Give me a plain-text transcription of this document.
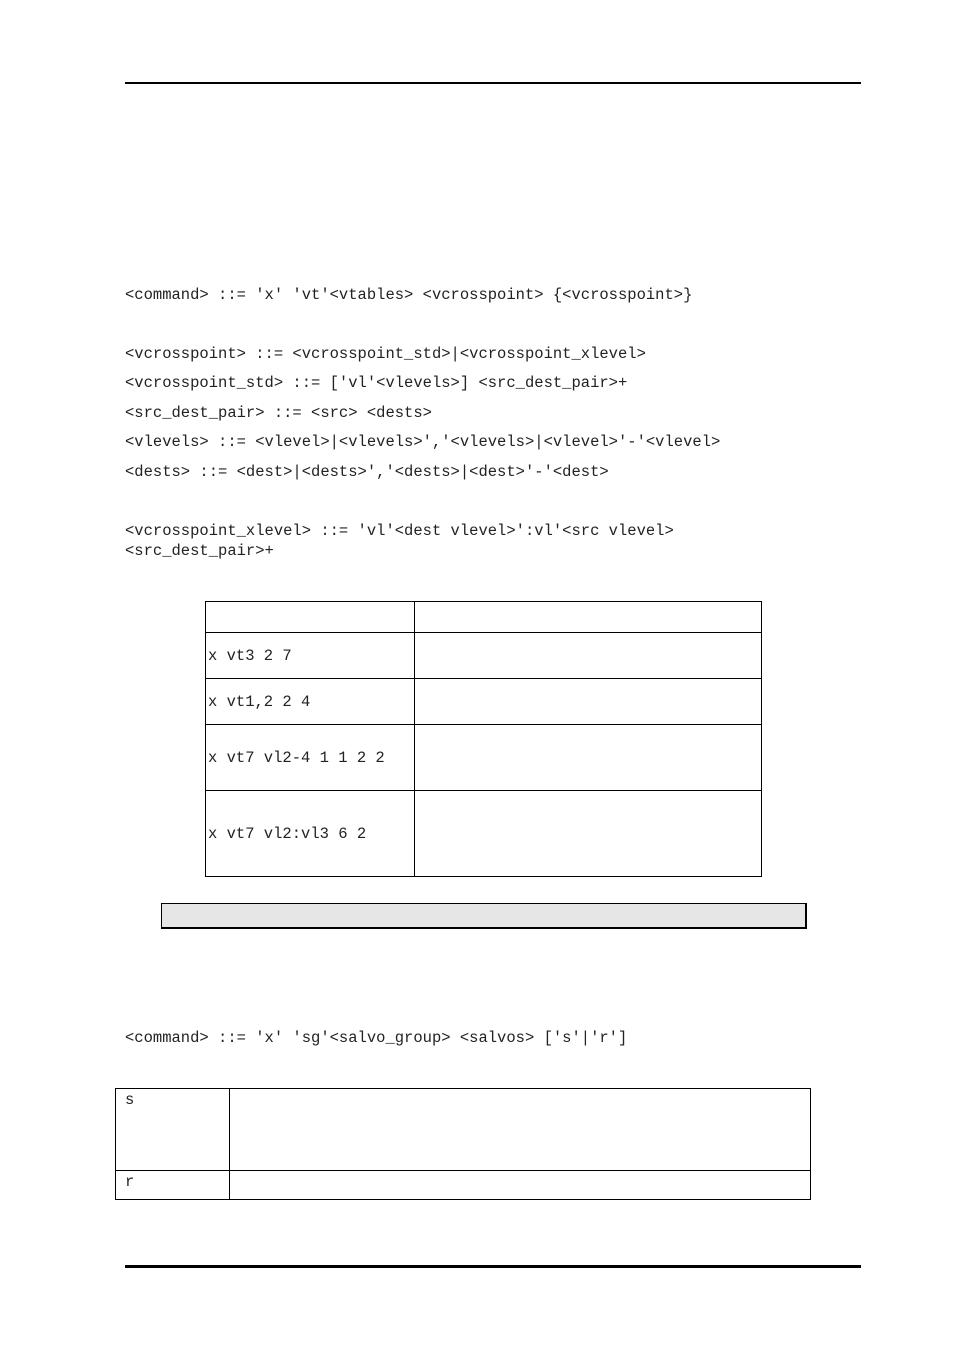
<command> ::= 'x' 'vt'<vtables> <vcrosspoint> {<vcrosspoint>}
<vcrosspoint> ::= <vcrosspoint_std>|<vcrosspoint_xlevel>
<vcrosspoint_std> ::= ['vl'<vlevels>] <src_dest_pair>+
<src_dest_pair> ::= <src> <dests>
<vlevels> ::= <vlevel>|<vlevels>','<vlevels>|<vlevel>'-'<vlevel>
<dests> ::= <dest>|<dests>','<dests>|<dest>'-'<dest>
<vcrosspoint_xlevel> ::= 'vl'<dest vlevel>':vl'<src vlevel>
<src_dest_pair>+

x vt3 2 7	
x vt1,2 2 4	
x vt7 vl2-4 1 1 2 2	
x vt7 vl2:vl3 6 2	
<command> ::= 'x' 'sg'<salvo_group> <salvos> ['s'|'r']
s	
r	
